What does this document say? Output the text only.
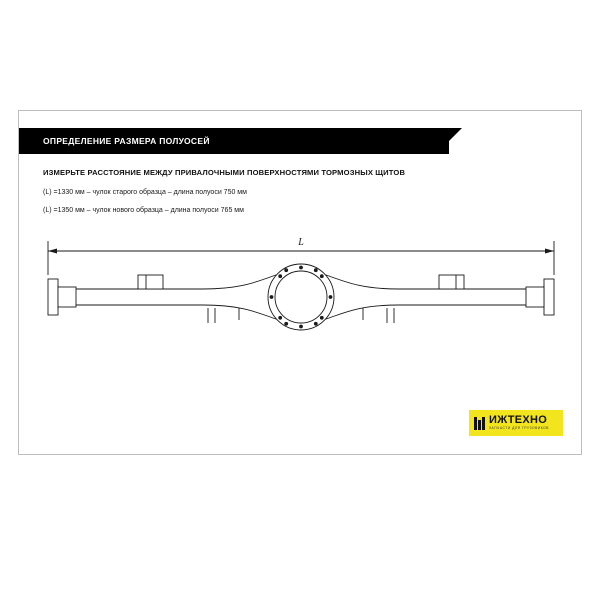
ОПРЕДЕЛЕНИЕ РАЗМЕРА ПОЛУОСЕЙ
ИЗМЕРЬТЕ РАССТОЯНИЕ МЕЖДУ ПРИВАЛОЧНЫМИ ПОВЕРХНОСТЯМИ ТОРМОЗНЫХ ЩИТОВ
(L) =1330 мм – чулок старого образца – длина полуоси 750 мм
(L) =1350 мм – чулок нового образца – длина полуоси 765 мм
L
ИЖТЕХНО
ЗАПЧАСТИ ДЛЯ ГРУЗОВИКОВ
